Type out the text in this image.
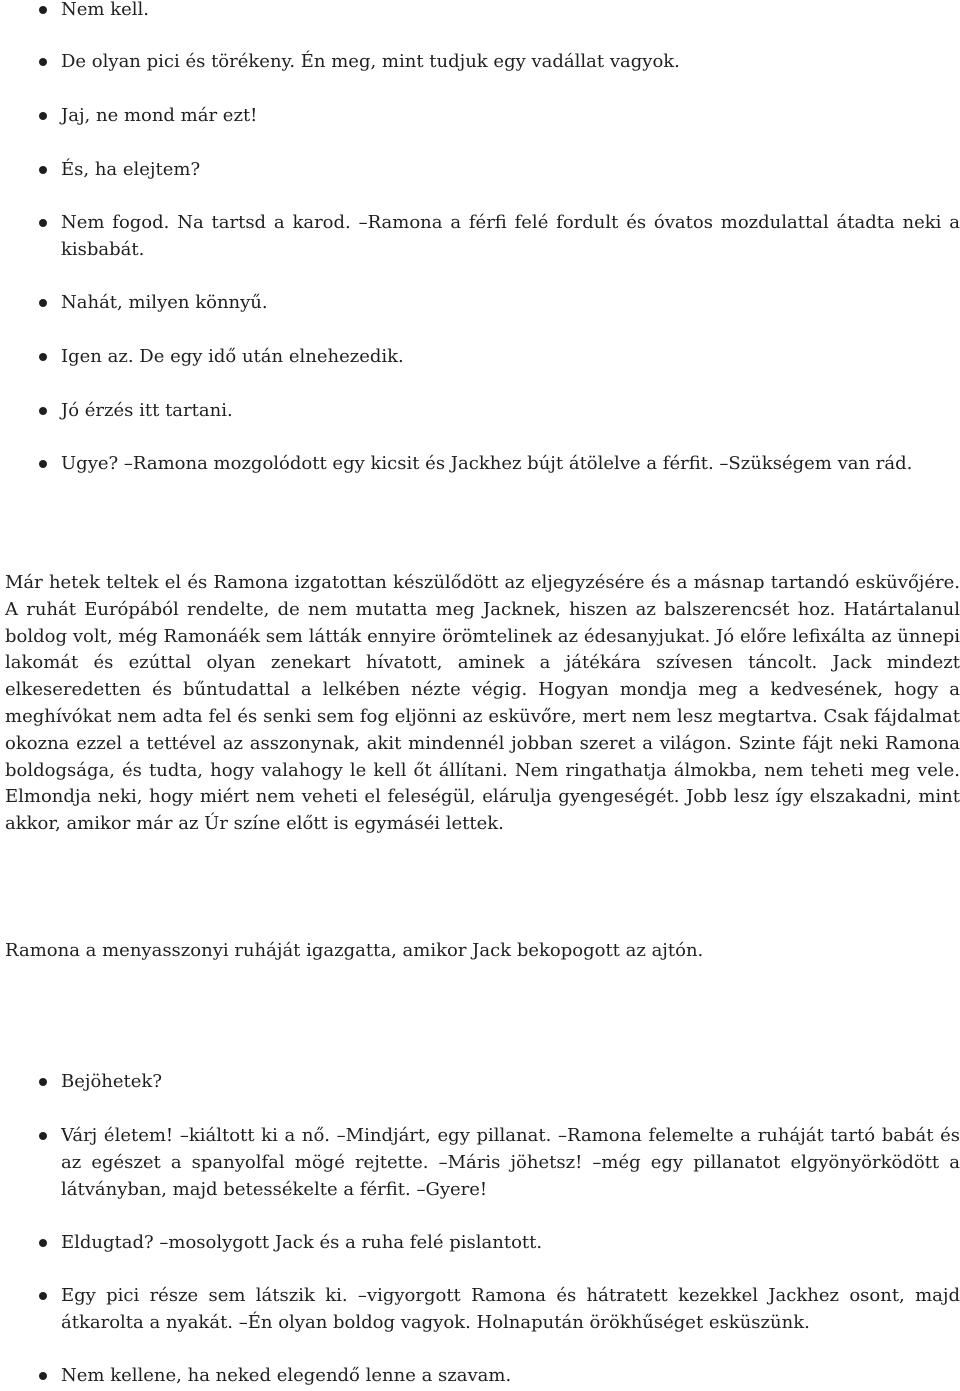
Nem kell.
De olyan pici és törékeny. Én meg, mint tudjuk egy vadállat vagyok.
Jaj, ne mond már ezt!
És, ha elejtem?
Nem fogod. Na tartsd a karod. –Ramona a férfi felé fordult és óvatos mozdulattal átadta neki a kisbabát.
Nahát, milyen könnyű.
Igen az. De egy idő után elnehezedik.
Jó érzés itt tartani.
Ugye? –Ramona mozgolódott egy kicsit és Jackhez bújt átölelve a férfit. –Szükségem van rád.

Már hetek teltek el és Ramona izgatottan készülődött az eljegyzésére és a másnap tartandó esküvőjére. A ruhát Európából rendelte, de nem mutatta meg Jacknek, hiszen az balszerencsét hoz. Határtalanul boldog volt, még Ramonáék sem látták ennyire örömtelinek az édesanyjukat. Jó előre lefixálta az ünnepi lakomát és ezúttal olyan zenekart hívatott, aminek a játékára szívesen táncolt. Jack mindezt elkeseredetten és bűntudattal a lelkében nézte végig. Hogyan mondja meg a kedvesének, hogy a meghívókat nem adta fel és senki sem fog eljönni az esküvőre, mert nem lesz megtartva. Csak fájdalmat okozna ezzel a tettével az asszonynak, akit mindennél jobban szeret a világon. Szinte fájt neki Ramona boldogsága, és tudta, hogy valahogy le kell őt állítani. Nem ringathatja álmokba, nem teheti meg vele. Elmondja neki, hogy miért nem veheti el feleségül, elárulja gyengeségét. Jobb lesz így elszakadni, mint akkor, amikor már az Úr színe előtt is egymáséi lettek.

Ramona a menyasszonyi ruháját igazgatta, amikor Jack bekopogott az ajtón.

Bejöhetek?
Várj életem! –kiáltott ki a nő. –Mindjárt, egy pillanat. –Ramona felemelte a ruháját tartó babát és az egészet a spanyolfal mögé rejtette. –Máris jöhetsz! –még egy pillanatot elgyönyörködött a látványban, majd betessékelte a férfit. –Gyere!
Eldugtad? –mosolygott Jack és a ruha felé pislantott.
Egy pici része sem látszik ki. –vigyorgott Ramona és hátratett kezekkel Jackhez osont, majd átkarolta a nyakát. –Én olyan boldog vagyok. Holnapután örökhűséget esküszünk.
Nem kellene, ha neked elegendő lenne a szavam.
